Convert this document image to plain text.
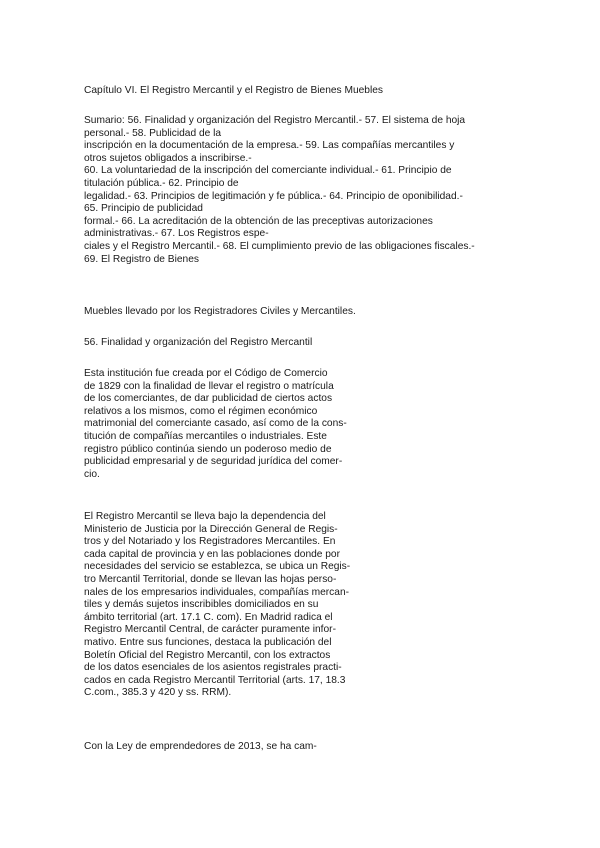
Capítulo VI. El Registro Mercantil y el Registro de Bienes Muebles

Sumario: 56. Finalidad y organización del Registro Mercantil.- 57. El sistema de hoja
personal.- 58. Publicidad de la
inscripción en la documentación de la empresa.- 59. Las compañías mercantiles y
otros sujetos obligados a inscribirse.-
60. La voluntariedad de la inscripción del comerciante individual.- 61. Principio de
titulación pública.- 62. Principio de
legalidad.- 63. Principios de legitimación y fe pública.- 64. Principio de oponibilidad.-
65. Principio de publicidad
formal.- 66. La acreditación de la obtención de las preceptivas autorizaciones
administrativas.- 67. Los Registros espe-
ciales y el Registro Mercantil.- 68. El cumplimiento previo de las obligaciones fiscales.-
69. El Registro de Bienes

Muebles llevado por los Registradores Civiles y Mercantiles.

56. Finalidad y organización del Registro Mercantil

Esta institución fue creada por el Código de Comercio
de 1829 con la finalidad de llevar el registro o matrícula
de los comerciantes, de dar publicidad de ciertos actos
relativos a los mismos, como el régimen económico
matrimonial del comerciante casado, así como de la cons-
titución de compañías mercantiles o industriales. Este
registro público continúa siendo un poderoso medio de
publicidad empresarial y de seguridad jurídica del comer-
cio.

El Registro Mercantil se lleva bajo la dependencia del
Ministerio de Justicia por la Dirección General de Regis-
tros y del Notariado y los Registradores Mercantiles. En
cada capital de provincia y en las poblaciones donde por
necesidades del servicio se establezca, se ubica un Regis-
tro Mercantil Territorial, donde se llevan las hojas perso-
nales de los empresarios individuales, compañías mercan-
tiles y demás sujetos inscribibles domiciliados en su
ámbito territorial (art. 17.1 C. com). En Madrid radica el
Registro Mercantil Central, de carácter puramente infor-
mativo. Entre sus funciones, destaca la publicación del
Boletín Oficial del Registro Mercantil, con los extractos
de los datos esenciales de los asientos registrales practi-
cados en cada Registro Mercantil Territorial (arts. 17, 18.3
C.com., 385.3 y 420 y ss. RRM).

Con la Ley de emprendedores de 2013, se ha cam-
